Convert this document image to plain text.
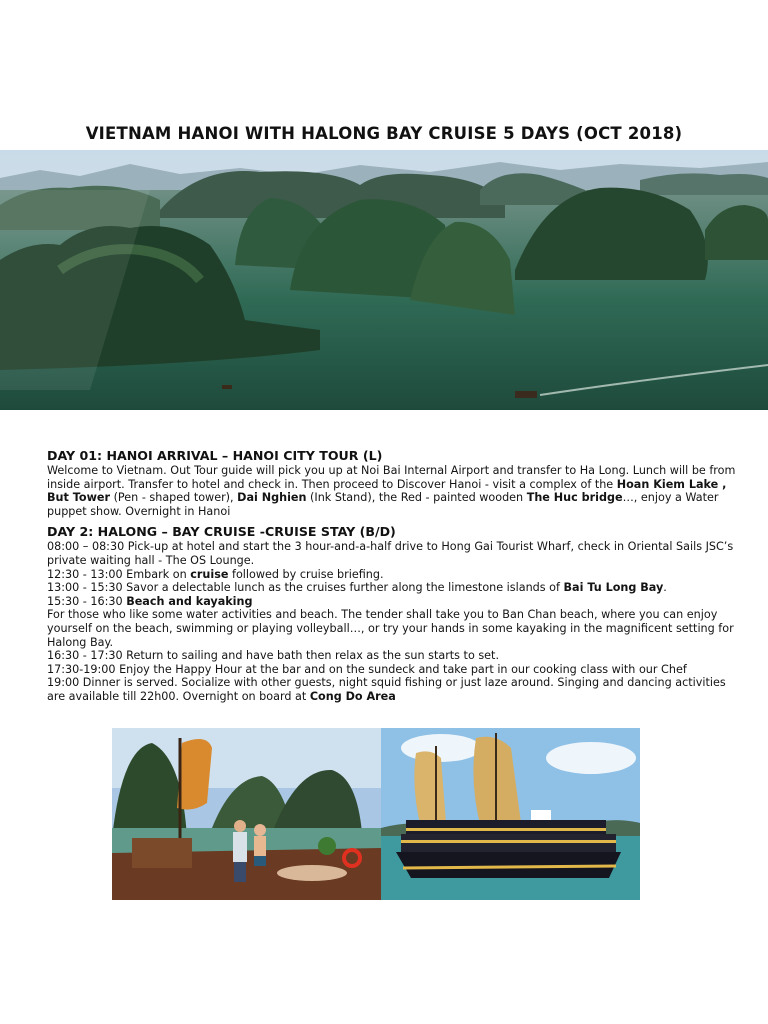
VIETNAM HANOI WITH HALONG BAY CRUISE 5 DAYS (OCT 2018)
DAY 01: HANOI ARRIVAL – HANOI CITY TOUR (L)

Welcome to Vietnam. Out Tour guide will pick you up at Noi Bai Internal Airport and transfer to Ha Long. Lunch will be from inside airport. Transfer to hotel and check in. Then proceed to Discover Hanoi - visit a complex of the Hoan Kiem Lake , But Tower (Pen - shaped tower), Dai Nghien (Ink Stand), the Red - painted wooden The Huc bridge…, enjoy a Water puppet show. Overnight in Hanoi

DAY 2: HALONG – BAY CRUISE -CRUISE STAY (B/D)

08:00 – 08:30 Pick-up at hotel and start the 3 hour-and-a-half drive to Hong Gai Tourist Wharf, check in Oriental Sails JSC’s private waiting hall - The OS Lounge.

12:30 - 13:00 Embark on cruise followed by cruise briefing.

13:00 - 15:30 Savor a delectable lunch as the cruises further along the limestone islands of Bai Tu Long Bay.

15:30 - 16:30 Beach and kayaking

For those who like some water activities and beach. The tender shall take you to Ban Chan beach, where you can enjoy yourself on the beach, swimming or playing volleyball…, or try your hands in some kayaking in the magnificent setting for Halong Bay.

16:30 - 17:30 Return to sailing and have bath then relax as the sun starts to set.

17:30-19:00 Enjoy the Happy Hour at the bar and on the sundeck and take part in our cooking class with our Chef

19:00 Dinner is served. Socialize with other guests, night squid fishing or just laze around. Singing and dancing activities are available till 22h00. Overnight on board at Cong Do Area
